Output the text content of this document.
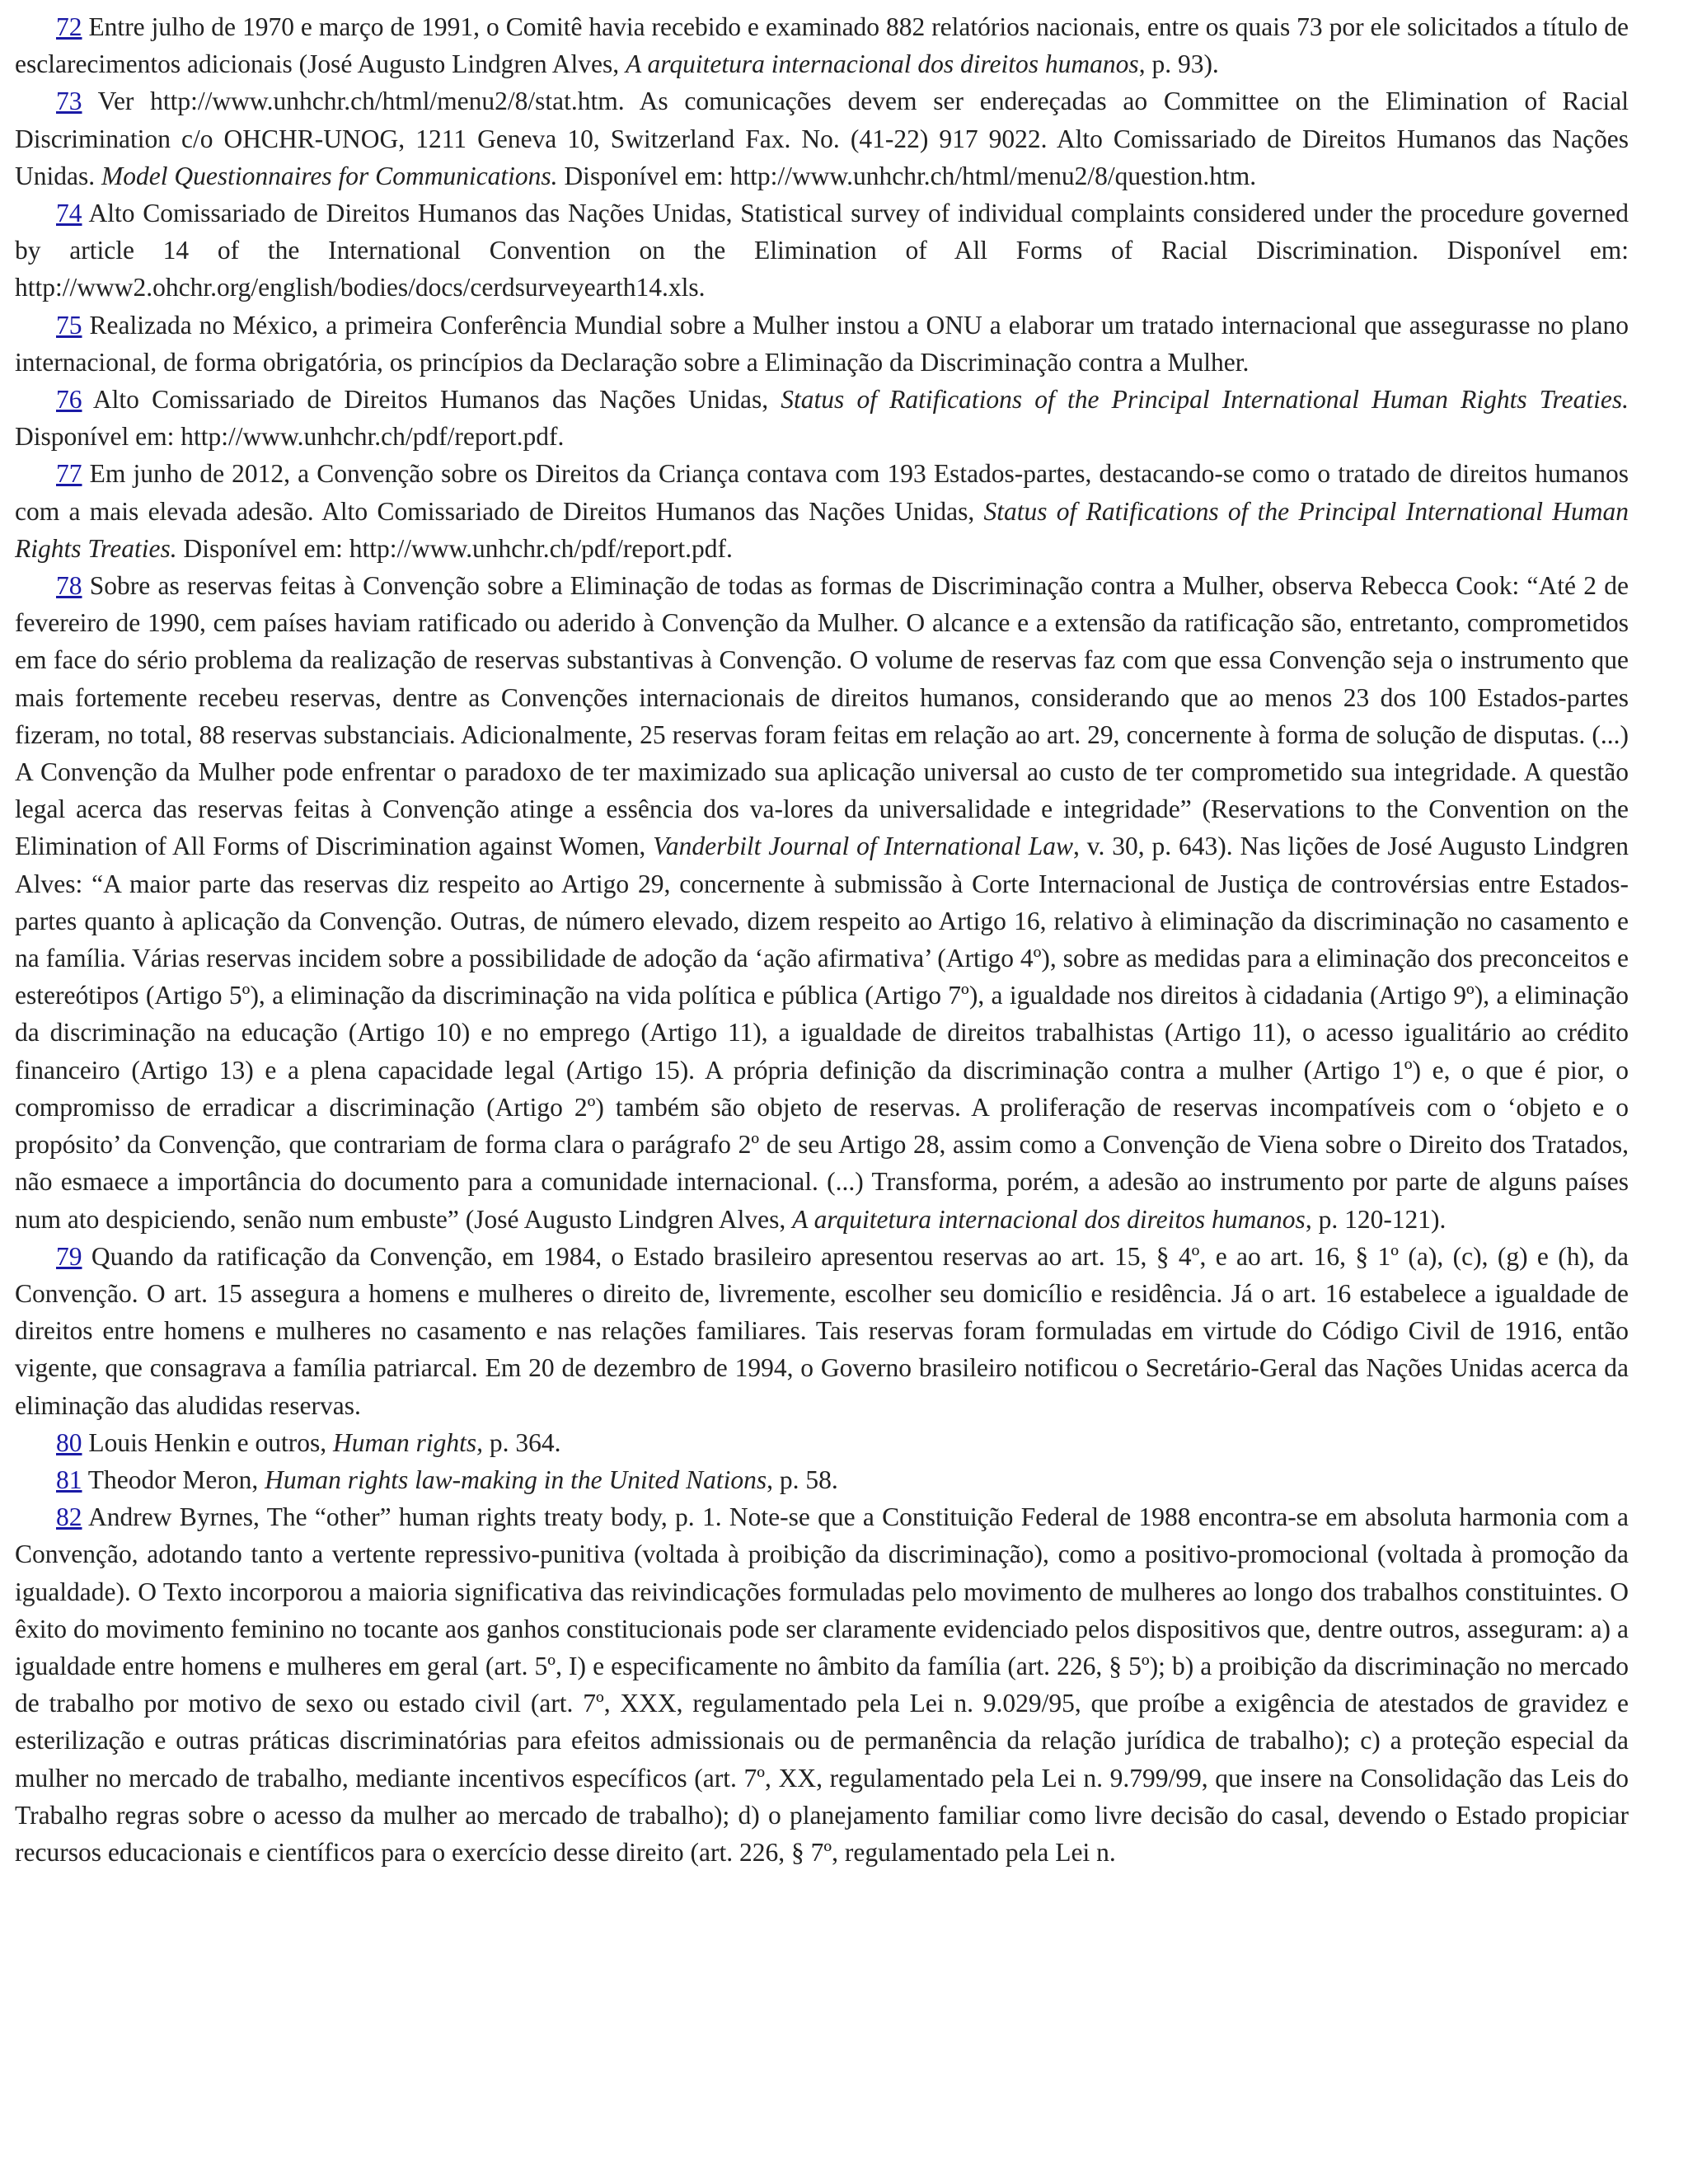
72 Entre julho de 1970 e março de 1991, o Comitê havia recebido e examinado 882 relatórios nacionais, entre os quais 73 por ele solicitados a título de esclarecimentos adicionais (José Augusto Lindgren Alves, A arquitetura internacional dos direitos humanos, p. 93).

73 Ver http://www.unhchr.ch/html/menu2/8/stat.htm. As comunicações devem ser endereçadas ao Committee on the Elimination of Racial Discrimination c/o OHCHR-UNOG, 1211 Geneva 10, Switzerland Fax. No. (41-22) 917 9022. Alto Comissariado de Direitos Humanos das Nações Unidas. Model Questionnaires for Communications. Disponível em: http://www.unhchr.ch/html/menu2/8/question.htm.

74 Alto Comissariado de Direitos Humanos das Nações Unidas, Statistical survey of individual complaints considered under the procedure governed by article 14 of the International Convention on the Elimination of All Forms of Racial Discrimination. Disponível em: http://www2.ohchr.org/english/bodies/docs/cerdsurveyearth14.xls.

75 Realizada no México, a primeira Conferência Mundial sobre a Mulher instou a ONU a elaborar um tratado internacional que assegurasse no plano internacional, de forma obrigatória, os princípios da Declaração sobre a Eliminação da Discriminação contra a Mulher.

76 Alto Comissariado de Direitos Humanos das Nações Unidas, Status of Ratifications of the Principal International Human Rights Treaties. Disponível em: http://www.unhchr.ch/pdf/report.pdf.

77 Em junho de 2012, a Convenção sobre os Direitos da Criança contava com 193 Estados-partes, destacando-se como o tratado de direitos humanos com a mais elevada adesão. Alto Comissariado de Direitos Humanos das Nações Unidas, Status of Ratifications of the Principal International Human Rights Treaties. Disponível em: http://www.unhchr.ch/pdf/report.pdf.

78 Sobre as reservas feitas à Convenção sobre a Eliminação de todas as formas de Discriminação contra a Mulher, observa Rebecca Cook: “Até 2 de fevereiro de 1990, cem países haviam ratificado ou aderido à Convenção da Mulher. O alcance e a extensão da ratificação são, entretanto, comprometidos em face do sério problema da realização de reservas substantivas à Convenção. O volume de reservas faz com que essa Convenção seja o instrumento que mais fortemente recebeu reservas, dentre as Convenções internacionais de direitos humanos, considerando que ao menos 23 dos 100 Estados-partes fizeram, no total, 88 reservas substanciais. Adicionalmente, 25 reservas foram feitas em relação ao art. 29, concernente à forma de solução de disputas. (...) A Convenção da Mulher pode enfrentar o paradoxo de ter maximizado sua aplicação universal ao custo de ter comprometido sua integridade. A questão legal acerca das reservas feitas à Convenção atinge a essência dos va-lores da universalidade e integridade” (Reservations to the Convention on the Elimination of All Forms of Discrimination against Women, Vanderbilt Journal of International Law, v. 30, p. 643). Nas lições de José Augusto Lindgren Alves: “A maior parte das reservas diz respeito ao Artigo 29, concernente à submissão à Corte Internacional de Justiça de controvérsias entre Estados-partes quanto à aplicação da Convenção. Outras, de número elevado, dizem respeito ao Artigo 16, relativo à eliminação da discriminação no casamento e na família. Várias reservas incidem sobre a possibilidade de adoção da ‘ação afirmativa’ (Artigo 4º), sobre as medidas para a eliminação dos preconceitos e estereótipos (Artigo 5º), a eliminação da discriminação na vida política e pública (Artigo 7º), a igualdade nos direitos à cidadania (Artigo 9º), a eliminação da discriminação na educação (Artigo 10) e no emprego (Artigo 11), a igualdade de direitos trabalhistas (Artigo 11), o acesso igualitário ao crédito financeiro (Artigo 13) e a plena capacidade legal (Artigo 15). A própria definição da discriminação contra a mulher (Artigo 1º) e, o que é pior, o compromisso de erradicar a discriminação (Artigo 2º) também são objeto de reservas. A proliferação de reservas incompatíveis com o ‘objeto e o propósito’ da Convenção, que contrariam de forma clara o parágrafo 2º de seu Artigo 28, assim como a Convenção de Viena sobre o Direito dos Tratados, não esmaece a importância do documento para a comunidade internacional. (...) Transforma, porém, a adesão ao instrumento por parte de alguns países num ato despiciendo, senão num embuste” (José Augusto Lindgren Alves, A arquitetura internacional dos direitos humanos, p. 120-121).

79 Quando da ratificação da Convenção, em 1984, o Estado brasileiro apresentou reservas ao art. 15, § 4º, e ao art. 16, § 1º (a), (c), (g) e (h), da Convenção. O art. 15 assegura a homens e mulheres o direito de, livremente, escolher seu domicílio e residência. Já o art. 16 estabelece a igualdade de direitos entre homens e mulheres no casamento e nas relações familiares. Tais reservas foram formuladas em virtude do Código Civil de 1916, então vigente, que consagrava a família patriarcal. Em 20 de dezembro de 1994, o Governo brasileiro notificou o Secretário-Geral das Nações Unidas acerca da eliminação das aludidas reservas.

80 Louis Henkin e outros, Human rights, p. 364.

81 Theodor Meron, Human rights law-making in the United Nations, p. 58.

82 Andrew Byrnes, The “other” human rights treaty body, p. 1. Note-se que a Constituição Federal de 1988 encontra-se em absoluta harmonia com a Convenção, adotando tanto a vertente repressivo-punitiva (voltada à proibição da discriminação), como a positivo-promocional (voltada à promoção da igualdade). O Texto incorporou a maioria significativa das reivindicações formuladas pelo movimento de mulheres ao longo dos trabalhos constituintes. O êxito do movimento feminino no tocante aos ganhos constitucionais pode ser claramente evidenciado pelos dispositivos que, dentre outros, asseguram: a) a igualdade entre homens e mulheres em geral (art. 5º, I) e especificamente no âmbito da família (art. 226, § 5º); b) a proibição da discriminação no mercado de trabalho por motivo de sexo ou estado civil (art. 7º, XXX, regulamentado pela Lei n. 9.029/95, que proíbe a exigência de atestados de gravidez e esterilização e outras práticas discriminatórias para efeitos admissionais ou de permanência da relação jurídica de trabalho); c) a proteção especial da mulher no mercado de trabalho, mediante incentivos específicos (art. 7º, XX, regulamentado pela Lei n. 9.799/99, que insere na Consolidação das Leis do Trabalho regras sobre o acesso da mulher ao mercado de trabalho); d) o planejamento familiar como livre decisão do casal, devendo o Estado propiciar recursos educacionais e científicos para o exercício desse direito (art. 226, § 7º, regulamentado pela Lei n.
